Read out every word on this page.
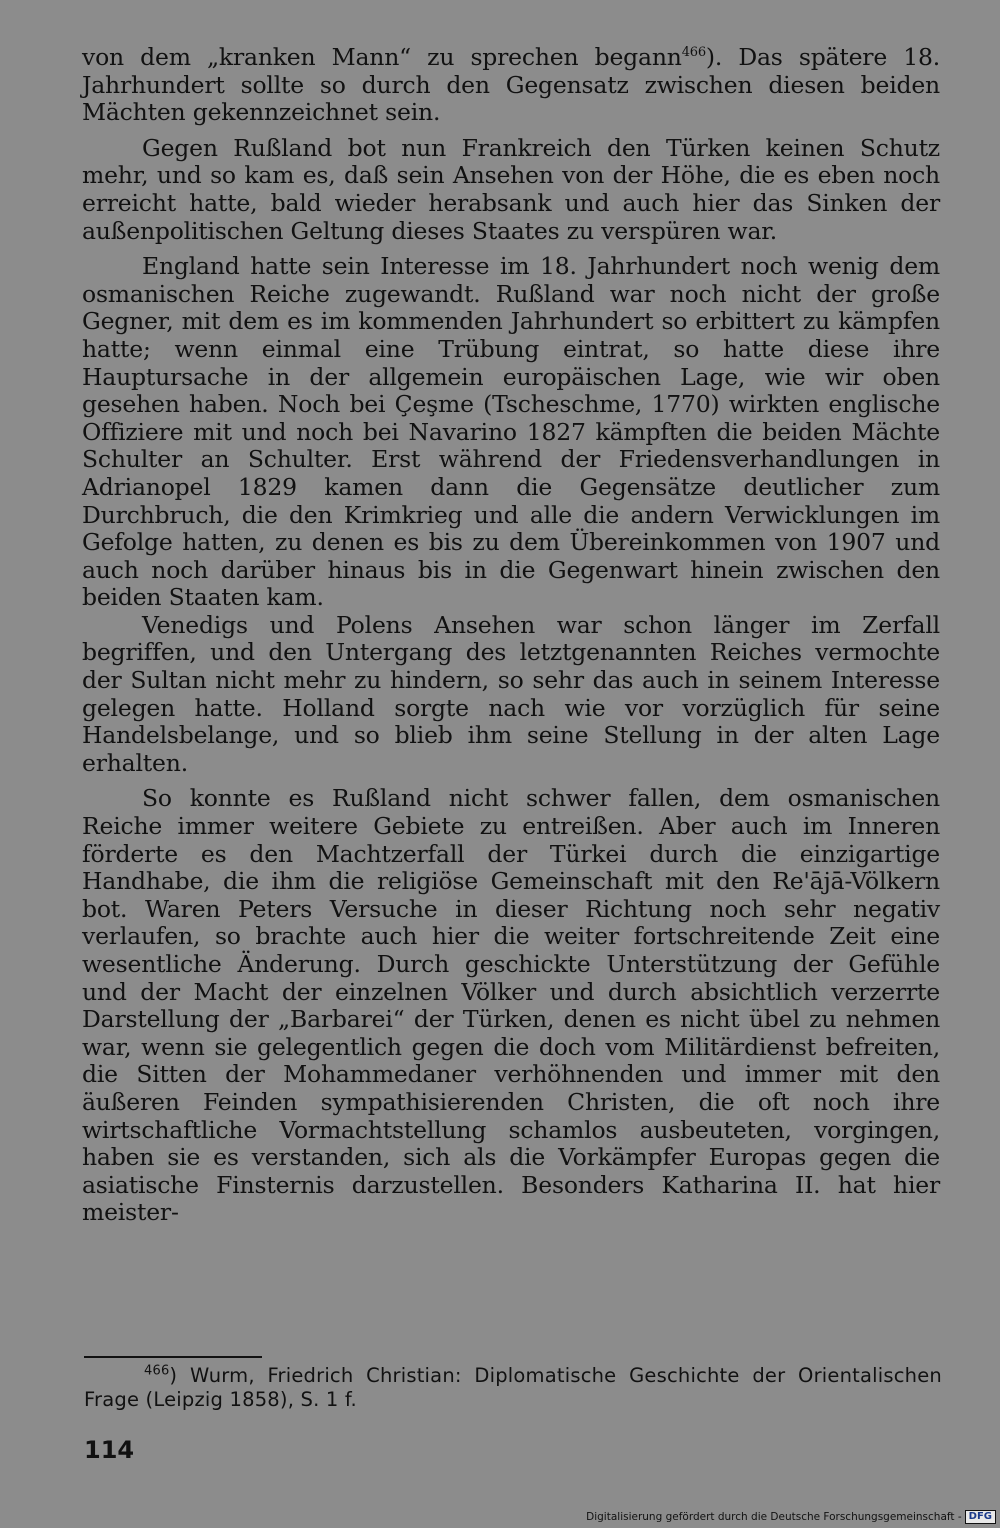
von dem „kranken Mann“ zu sprechen begann$^{466}$). Das spätere 18. Jahrhundert sollte so durch den Gegensatz zwischen diesen beiden Mächten gekennzeichnet sein.

Gegen Rußland bot nun Frankreich den Türken keinen Schutz mehr, und so kam es, daß sein Ansehen von der Höhe, die es eben noch erreicht hatte, bald wieder herabsank und auch hier das Sinken der außenpolitischen Geltung dieses Staates zu verspüren war.

England hatte sein Interesse im 18. Jahrhundert noch wenig dem osmanischen Reiche zugewandt. Rußland war noch nicht der große Gegner, mit dem es im kommenden Jahrhundert so erbittert zu kämpfen hatte; wenn einmal eine Trübung eintrat, so hatte diese ihre Hauptursache in der allgemein europäischen Lage, wie wir oben gesehen haben. Noch bei Çeşme (Tscheschme, 1770) wirkten englische Offiziere mit und noch bei Navarino 1827 kämpften die beiden Mächte Schulter an Schulter. Erst während der Friedensverhandlungen in Adrianopel 1829 kamen dann die Gegensätze deutlicher zum Durchbruch, die den Krimkrieg und alle die andern Verwicklungen im Gefolge hatten, zu denen es bis zu dem Übereinkommen von 1907 und auch noch darüber hinaus bis in die Gegenwart hinein zwischen den beiden Staaten kam.

Venedigs und Polens Ansehen war schon länger im Zerfall begriffen, und den Untergang des letztgenannten Reiches vermochte der Sultan nicht mehr zu hindern, so sehr das auch in seinem Interesse gelegen hatte. Holland sorgte nach wie vor vorzüglich für seine Handelsbelange, und so blieb ihm seine Stellung in der alten Lage erhalten.

So konnte es Rußland nicht schwer fallen, dem osmanischen Reiche immer weitere Gebiete zu entreißen. Aber auch im Inneren förderte es den Machtzerfall der Türkei durch die einzigartige Handhabe, die ihm die religiöse Gemeinschaft mit den Re'ājā-Völkern bot. Waren Peters Versuche in dieser Richtung noch sehr negativ verlaufen, so brachte auch hier die weiter fortschreitende Zeit eine wesentliche Änderung. Durch geschickte Unterstützung der Gefühle und der Macht der einzelnen Völker und durch absichtlich verzerrte Darstellung der „Barbarei“ der Türken, denen es nicht übel zu nehmen war, wenn sie gelegentlich gegen die doch vom Militärdienst befreiten, die Sitten der Mohammedaner verhöhnenden und immer mit den äußeren Feinden sympathisierenden Christen, die oft noch ihre wirtschaftliche Vormachtstellung schamlos ausbeuteten, vorgingen, haben sie es verstanden, sich als die Vorkämpfer Europas gegen die asiatische Finsternis darzustellen. Besonders Katharina II. hat hier meister-

$^{466}$) Wurm, Friedrich Christian: Diplomatische Geschichte der Orientalischen Frage (Leipzig 1858), S. 1 f.
114
Digitalisierung gefördert durch die Deutsche Forschungsgemeinschaft - DFG
